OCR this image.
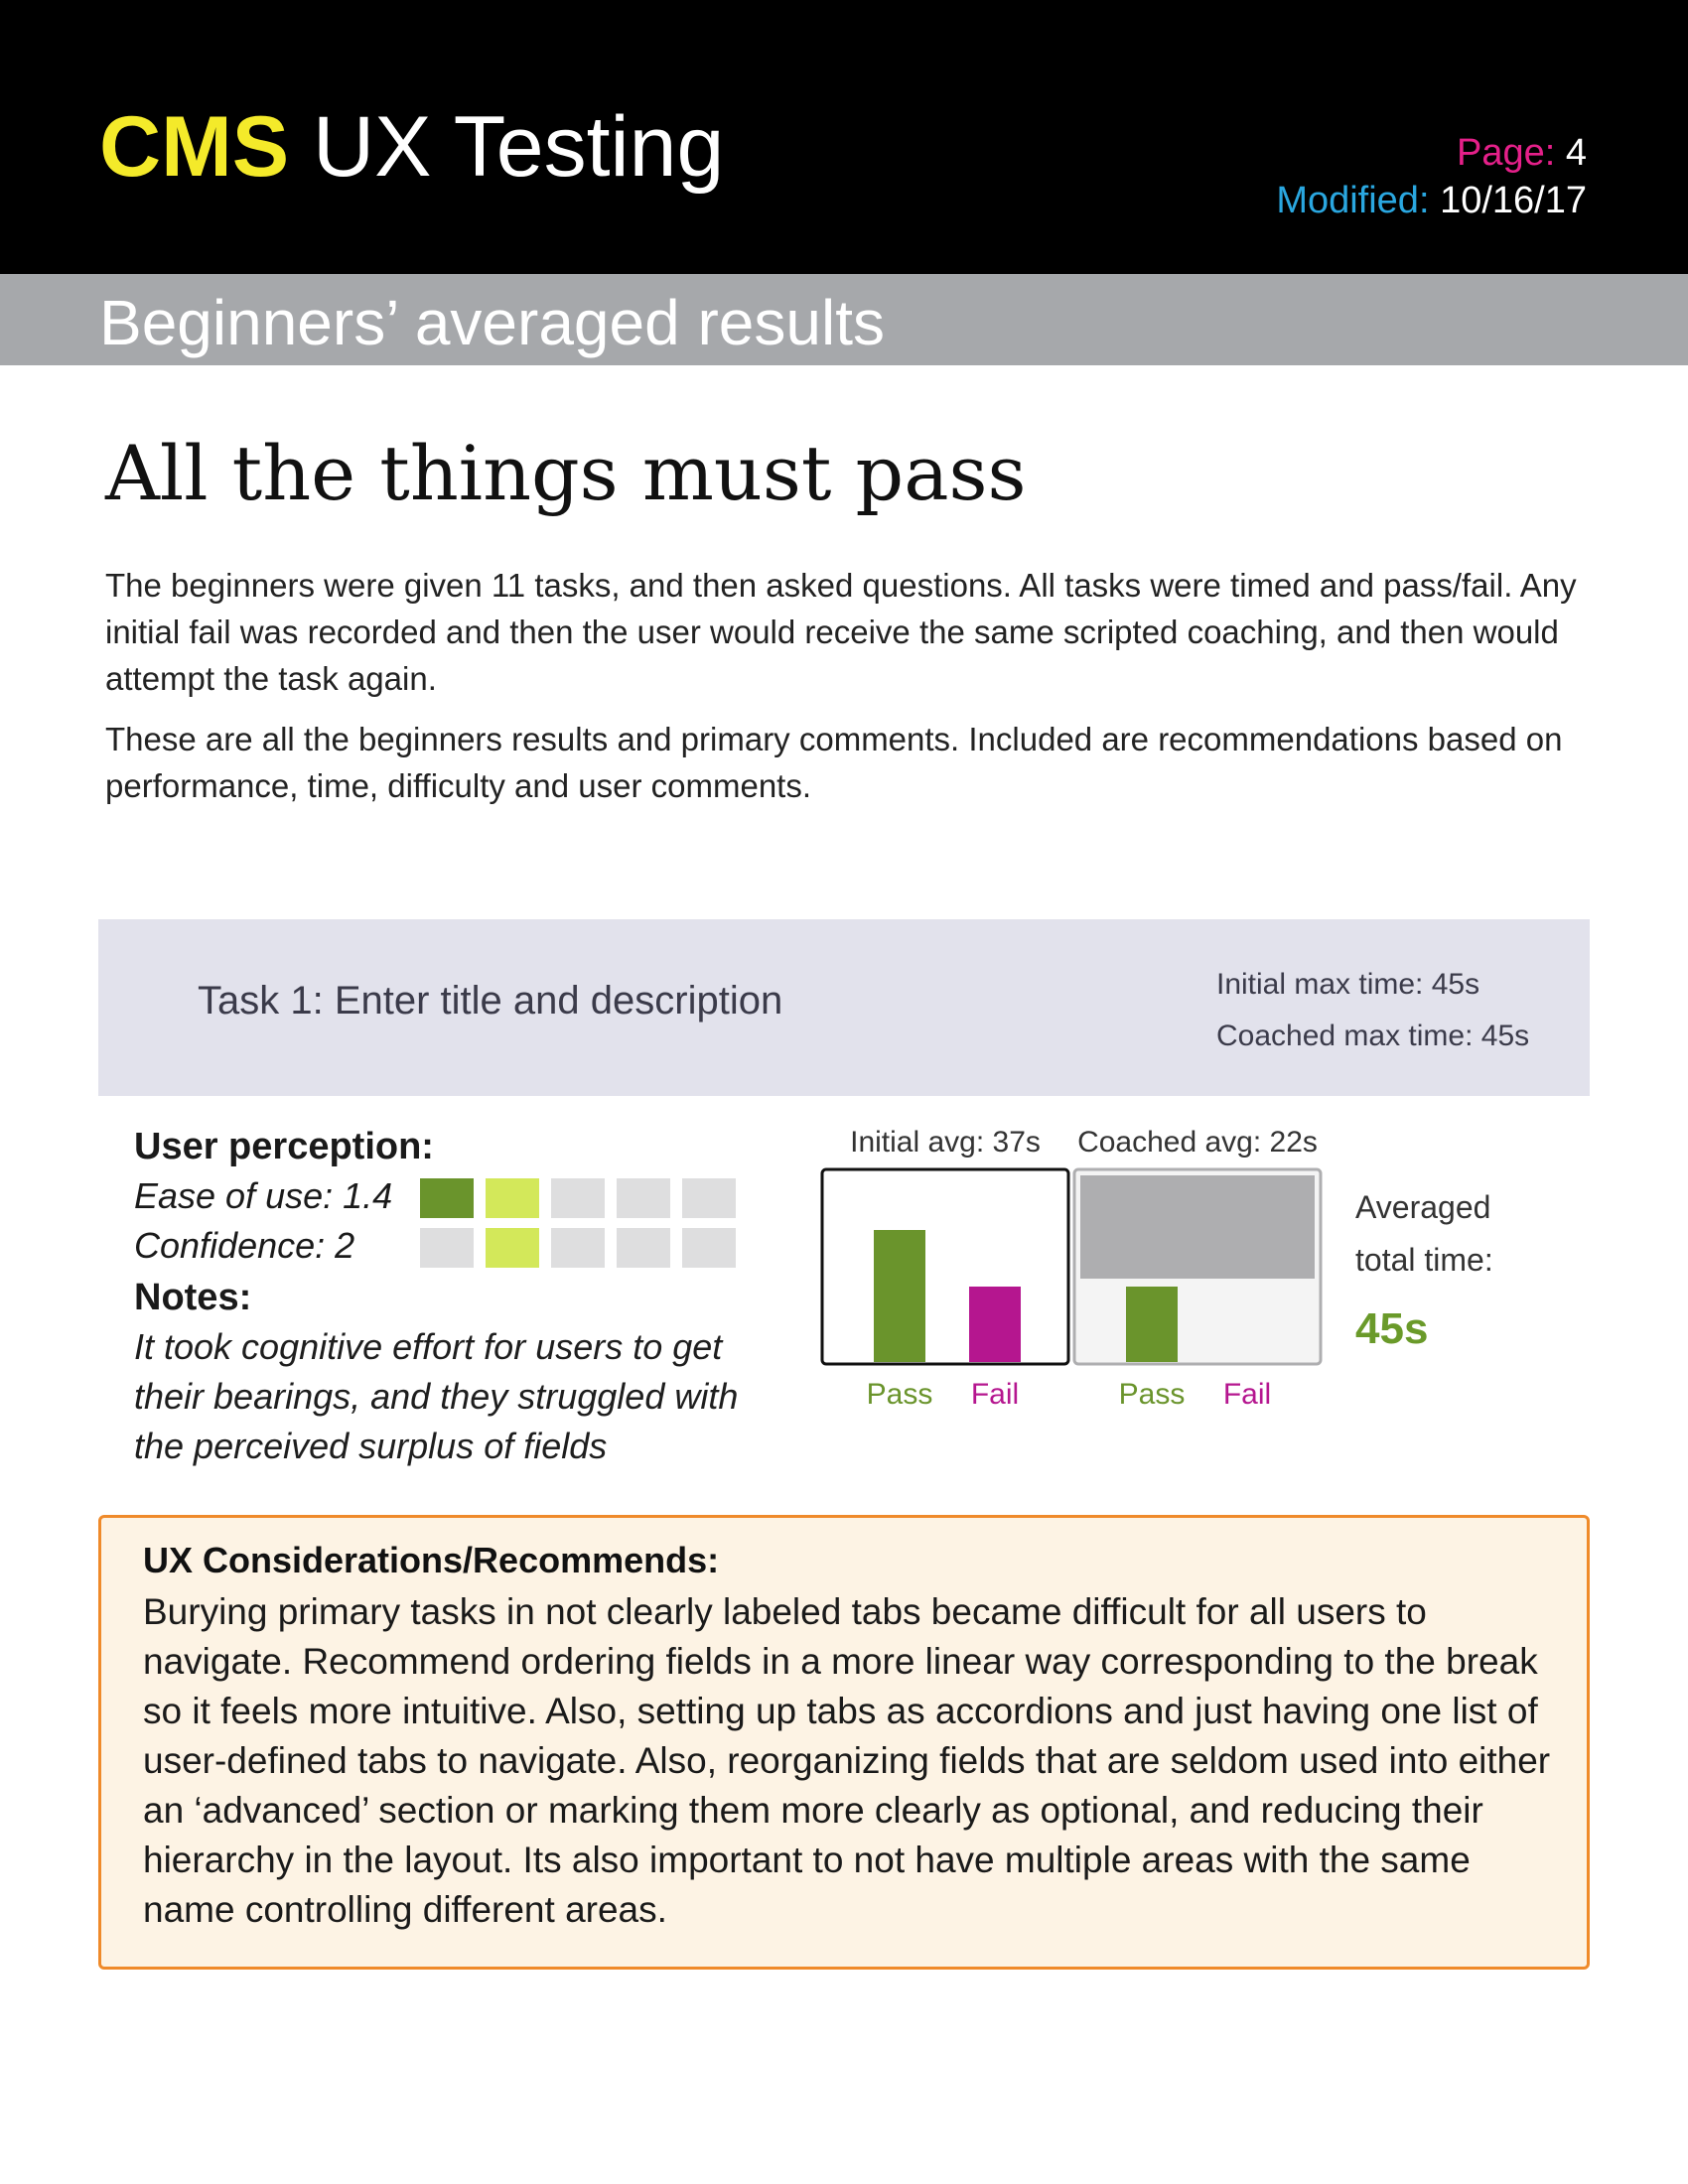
CMS UX Testing	Page: 4
Modified: 10/16/17
Beginners’ averaged results
All the things must pass

The beginners were given 11 tasks, and then asked questions. All tasks were timed and pass/fail. Any initial fail was recorded and then the user would receive the same scripted coaching, and then would attempt the task again.

These are all the beginners results and primary comments. Included are recommendations based on performance, time, difficulty and user comments.

Task 1: Enter title and description	Initial max time: 45s
Coached max time: 45s
User perception:
Ease of use: 1.4
Confidence: 2
Notes:
It took cognitive effort for users to get their bearings, and they struggled with the perceived surplus of fields
Initial avg: 37s
Pass Fail
Coached avg: 22s
Pass Fail
Averaged
total time:
45s
UX Considerations/Recommends:
Burying primary tasks in not clearly labeled tabs became difficult for all users to navigate. Recommend ordering fields in a more linear way corresponding to the break so it feels more intuitive. Also, setting up tabs as accordions and just having one list of user-defined tabs to navigate. Also, reorganizing fields that are seldom used into either an ‘advanced’ section or marking them more clearly as optional, and reducing their hierarchy in the layout. Its also important to not have multiple areas with the same name controlling different areas.
